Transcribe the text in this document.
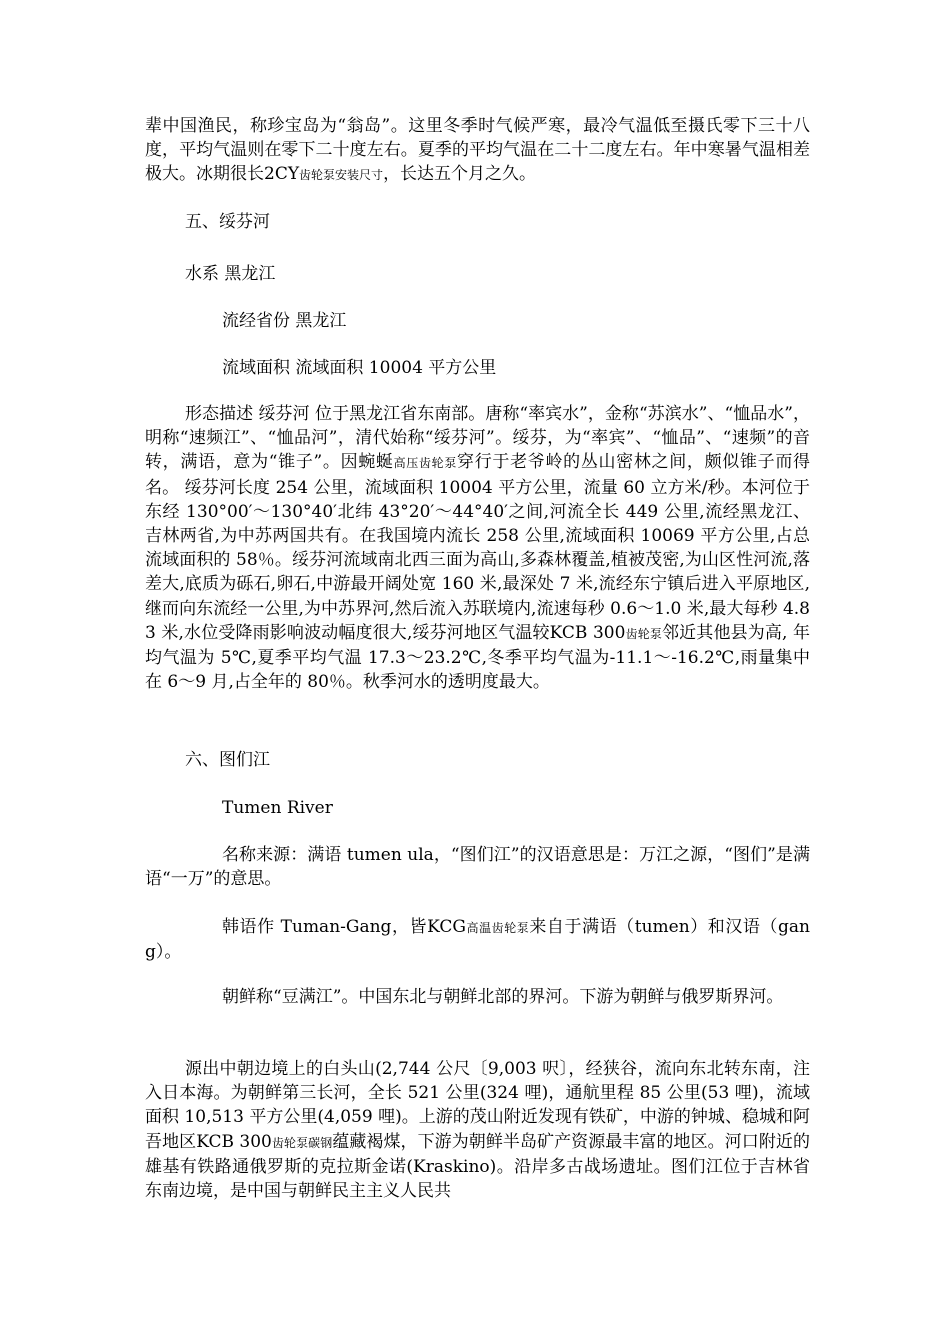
辈中国渔民，称珍宝岛为“翁岛”。这里冬季时气候严寒，最冷气温低至摄氏零下三十八度，平均气温则在零下二十度左右。夏季的平均气温在二十二度左右。年中寒暑气温相差极大。冰期很长2CY齿轮泵安装尺寸，长达五个月之久。

五、绥芬河

水系 黑龙江

流经省份 黑龙江

流域面积 流域面积 10004 平方公里

形态描述 绥芬河 位于黑龙江省东南部。唐称“率宾水”，金称“苏滨水”、“恤品水”，明称“速频江”、“恤品河”，清代始称“绥芬河”。绥芬，为“率宾”、“恤品”、“速频”的音转，满语，意为“锥子”。因蜿蜒高压齿轮泵穿行于老爷岭的丛山密林之间，颇似锥子而得名。 绥芬河长度 254 公里，流域面积 10004 平方公里，流量 60 立方米/秒。本河位于东经 130°00′～130°40′北纬 43°20′～44°40′之间,河流全长 449 公里,流经黑龙江、吉林两省,为中苏两国共有。在我国境内流长 258 公里,流域面积 10069 平方公里,占总流域面积的 58％。绥芬河流域南北西三面为高山,多森林覆盖,植被茂密,为山区性河流,落差大,底质为砾石,卵石,中游最开阔处宽 160 米,最深处 7 米,流经东宁镇后进入平原地区,继而向东流经一公里,为中苏界河,然后流入苏联境内,流速每秒 0.6～1.0 米,最大每秒 4.83 米,水位受降雨影响波动幅度很大,绥芬河地区气温较KCB 300齿轮泵邻近其他县为高, 年均气温为 5℃,夏季平均气温 17.3～23.2℃,冬季平均气温为-11.1～-16.2℃,雨量集中在 6～9 月,占全年的 80％。秋季河水的透明度最大。

六、图们江

Tumen River

名称来源：满语 tumen ula，“图们江”的汉语意思是：万江之源，“图们”是满语“一万”的意思。

韩语作 Tuman-Gang，皆KCG高温齿轮泵来自于满语（tumen）和汉语（gang）。

朝鲜称“豆满江”。中国东北与朝鲜北部的界河。下游为朝鲜与俄罗斯界河。

源出中朝边境上的白头山(2,744 公尺〔9,003 呎〕，经狭谷，流向东北转东南，注入日本海。为朝鲜第三长河，全长 521 公里(324 哩)，通航里程 85 公里(53 哩)，流域面积 10,513 平方公里(4,059 哩)。上游的茂山附近发现有铁矿，中游的钟城、稳城和阿吾地区KCB 300齿轮泵碳钢蕴藏褐煤，下游为朝鲜半岛矿产资源最丰富的地区。河口附近的雄基有铁路通俄罗斯的克拉斯金诺(Kraskino)。沿岸多古战场遗址。图们江位于吉林省东南边境，是中国与朝鲜民主主义人民共
